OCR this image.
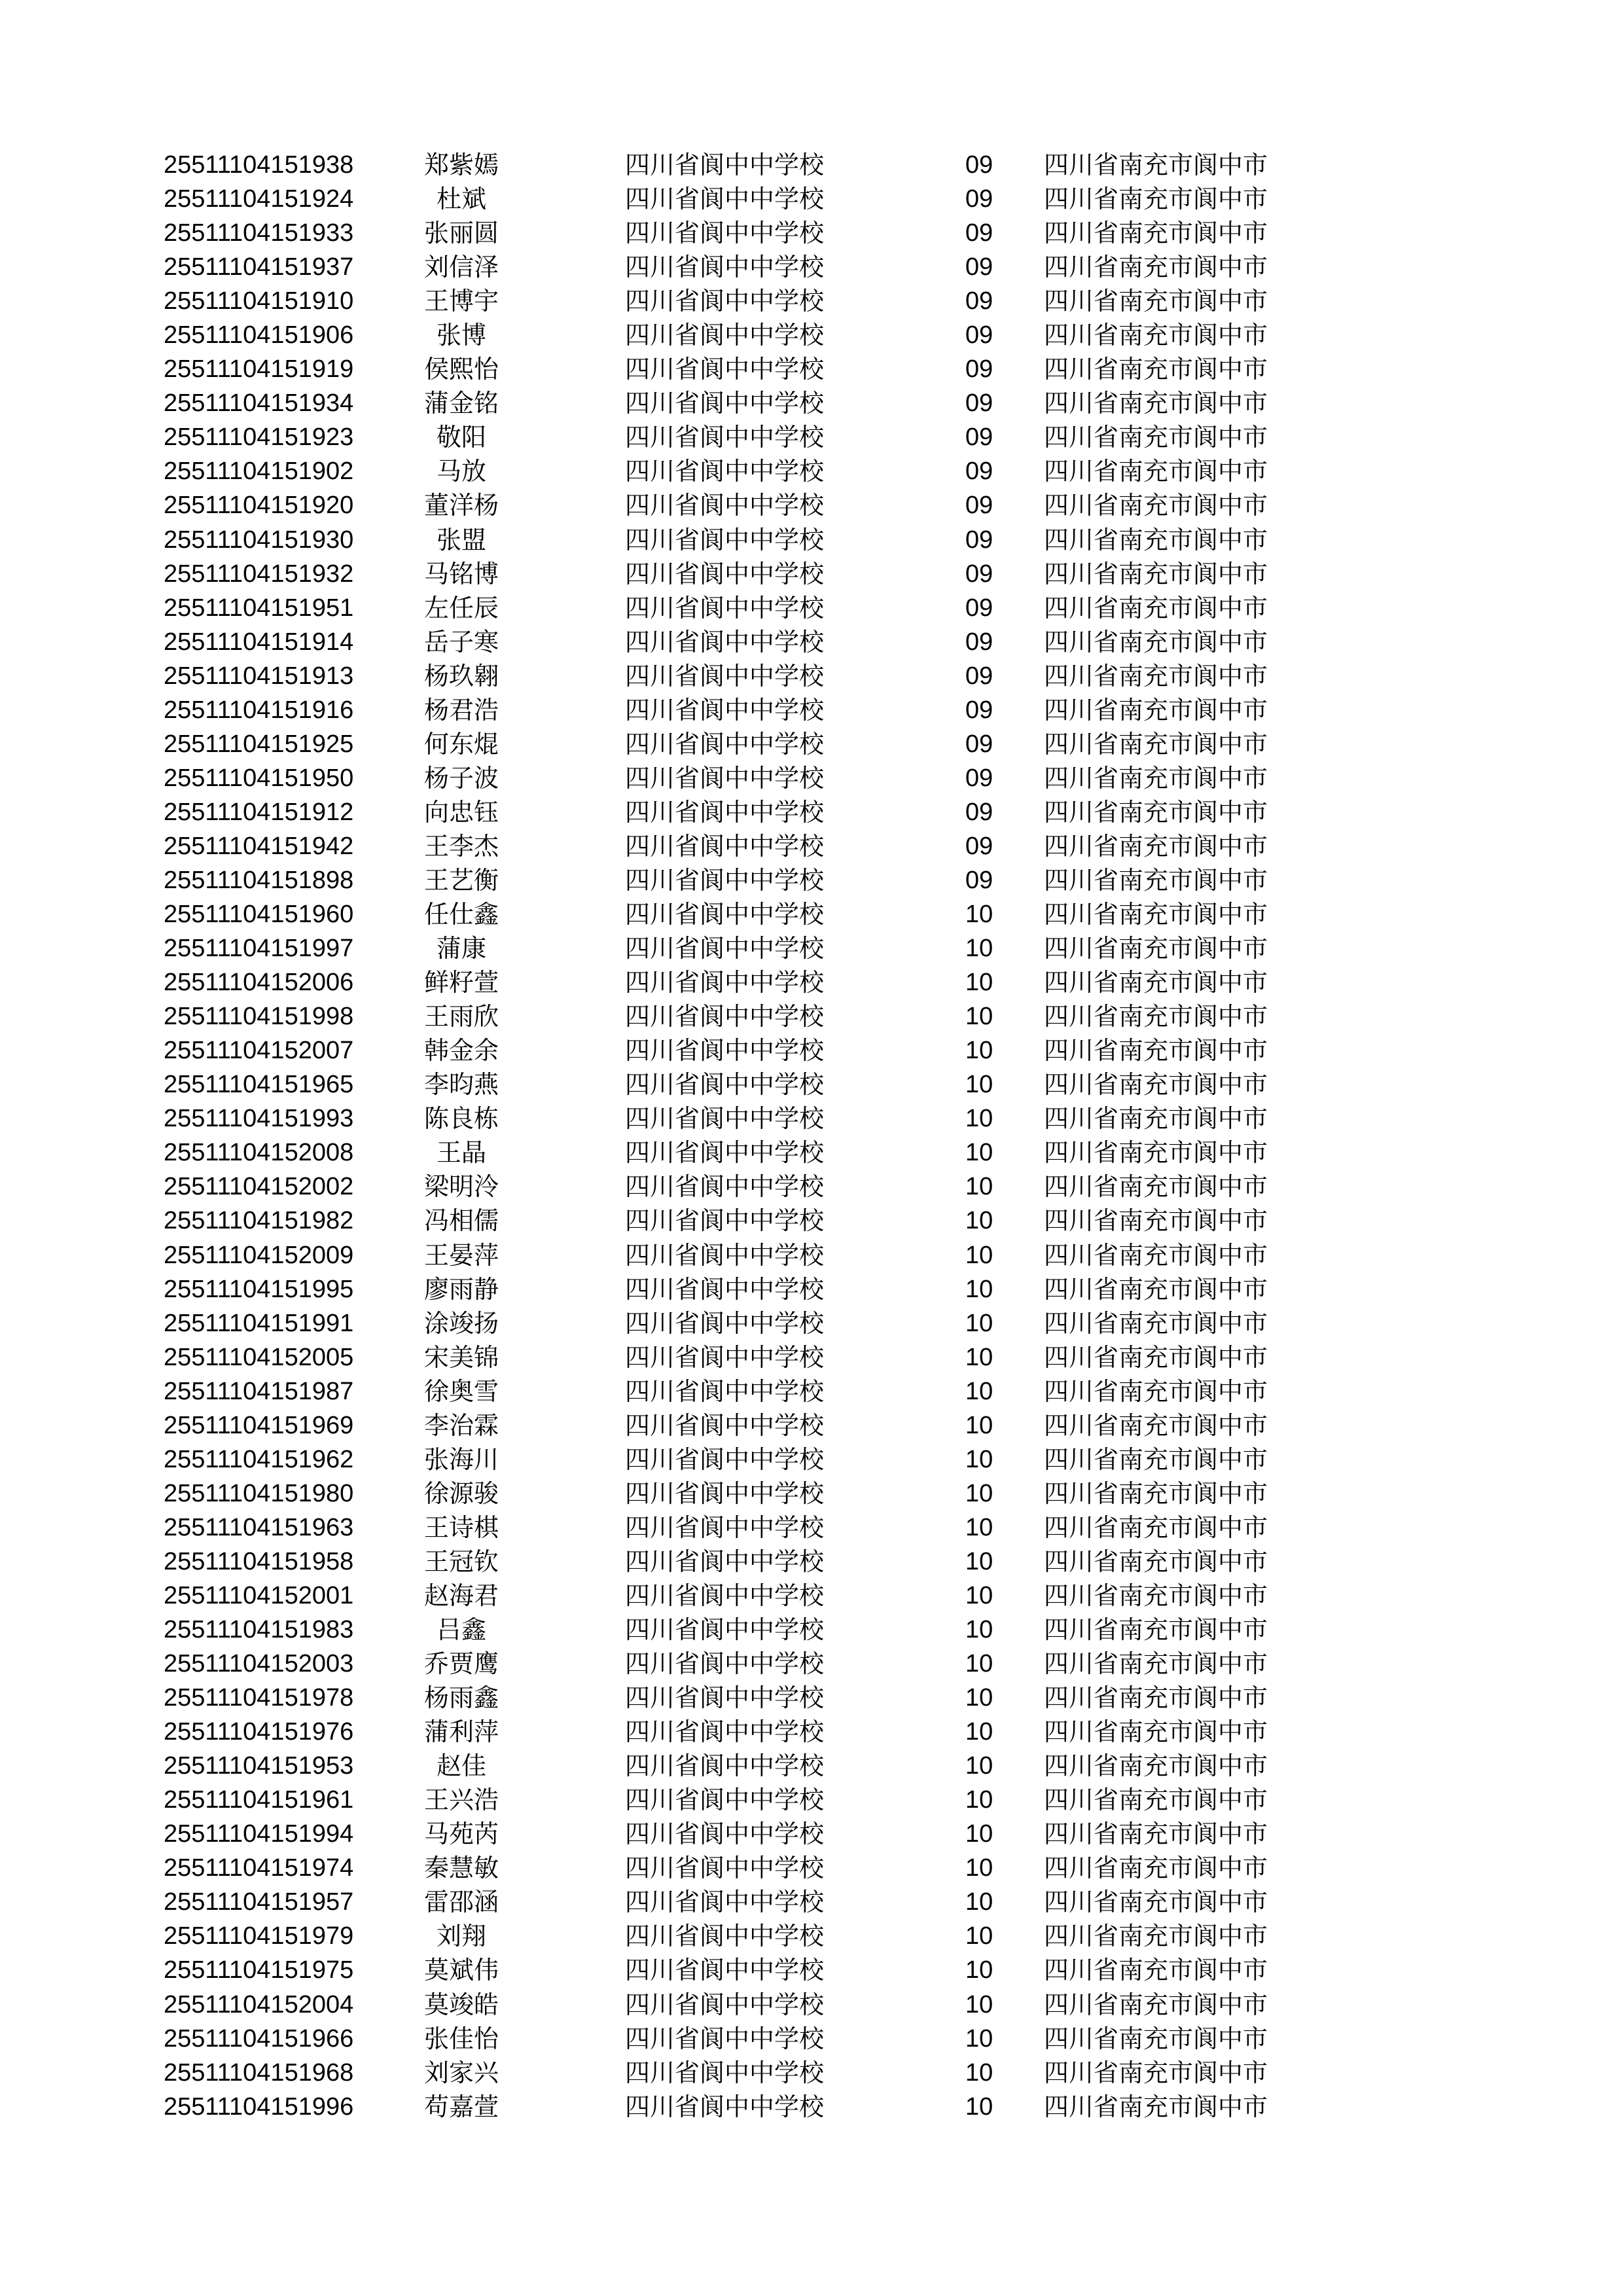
25511104151938	郑紫嫣	四川省阆中中学校	09 四川省南充市阆中市
25511104151924	杜斌	四川省阆中中学校	09 四川省南充市阆中市
25511104151933	张丽圆	四川省阆中中学校	09 四川省南充市阆中市
25511104151937	刘信泽	四川省阆中中学校	09 四川省南充市阆中市
25511104151910	王博宇	四川省阆中中学校	09 四川省南充市阆中市
25511104151906	张博	四川省阆中中学校	09 四川省南充市阆中市
25511104151919	侯熙怡	四川省阆中中学校	09 四川省南充市阆中市
25511104151934	蒲金铭	四川省阆中中学校	09 四川省南充市阆中市
25511104151923	敬阳	四川省阆中中学校	09 四川省南充市阆中市
25511104151902	马放	四川省阆中中学校	09 四川省南充市阆中市
25511104151920	董洋杨	四川省阆中中学校	09 四川省南充市阆中市
25511104151930	张盟	四川省阆中中学校	09 四川省南充市阆中市
25511104151932	马铭博	四川省阆中中学校	09 四川省南充市阆中市
25511104151951	左任辰	四川省阆中中学校	09 四川省南充市阆中市
25511104151914	岳子寒	四川省阆中中学校	09 四川省南充市阆中市
25511104151913	杨玖翱	四川省阆中中学校	09 四川省南充市阆中市
25511104151916	杨君浩	四川省阆中中学校	09 四川省南充市阆中市
25511104151925	何东焜	四川省阆中中学校	09 四川省南充市阆中市
25511104151950	杨子波	四川省阆中中学校	09 四川省南充市阆中市
25511104151912	向忠钰	四川省阆中中学校	09 四川省南充市阆中市
25511104151942	王李杰	四川省阆中中学校	09 四川省南充市阆中市
25511104151898	王艺衡	四川省阆中中学校	09 四川省南充市阆中市
25511104151960	任仕鑫	四川省阆中中学校	10 四川省南充市阆中市
25511104151997	蒲康	四川省阆中中学校	10 四川省南充市阆中市
25511104152006	鲜籽萱	四川省阆中中学校	10 四川省南充市阆中市
25511104151998	王雨欣	四川省阆中中学校	10 四川省南充市阆中市
25511104152007	韩金余	四川省阆中中学校	10 四川省南充市阆中市
25511104151965	李昀燕	四川省阆中中学校	10 四川省南充市阆中市
25511104151993	陈良栋	四川省阆中中学校	10 四川省南充市阆中市
25511104152008	王晶	四川省阆中中学校	10 四川省南充市阆中市
25511104152002	梁明泠	四川省阆中中学校	10 四川省南充市阆中市
25511104151982	冯相儒	四川省阆中中学校	10 四川省南充市阆中市
25511104152009	王晏萍	四川省阆中中学校	10 四川省南充市阆中市
25511104151995	廖雨静	四川省阆中中学校	10 四川省南充市阆中市
25511104151991	涂竣扬	四川省阆中中学校	10 四川省南充市阆中市
25511104152005	宋美锦	四川省阆中中学校	10 四川省南充市阆中市
25511104151987	徐奥雪	四川省阆中中学校	10 四川省南充市阆中市
25511104151969	李治霖	四川省阆中中学校	10 四川省南充市阆中市
25511104151962	张海川	四川省阆中中学校	10 四川省南充市阆中市
25511104151980	徐源骏	四川省阆中中学校	10 四川省南充市阆中市
25511104151963	王诗棋	四川省阆中中学校	10 四川省南充市阆中市
25511104151958	王冠钦	四川省阆中中学校	10 四川省南充市阆中市
25511104152001	赵海君	四川省阆中中学校	10 四川省南充市阆中市
25511104151983	吕鑫	四川省阆中中学校	10 四川省南充市阆中市
25511104152003	乔贾鹰	四川省阆中中学校	10 四川省南充市阆中市
25511104151978	杨雨鑫	四川省阆中中学校	10 四川省南充市阆中市
25511104151976	蒲利萍	四川省阆中中学校	10 四川省南充市阆中市
25511104151953	赵佳	四川省阆中中学校	10 四川省南充市阆中市
25511104151961	王兴浩	四川省阆中中学校	10 四川省南充市阆中市
25511104151994	马苑芮	四川省阆中中学校	10 四川省南充市阆中市
25511104151974	秦慧敏	四川省阆中中学校	10 四川省南充市阆中市
25511104151957	雷邵涵	四川省阆中中学校	10 四川省南充市阆中市
25511104151979	刘翔	四川省阆中中学校	10 四川省南充市阆中市
25511104151975	莫斌伟	四川省阆中中学校	10 四川省南充市阆中市
25511104152004	莫竣皓	四川省阆中中学校	10 四川省南充市阆中市
25511104151966	张佳怡	四川省阆中中学校	10 四川省南充市阆中市
25511104151968	刘家兴	四川省阆中中学校	10 四川省南充市阆中市
25511104151996	苟嘉萱	四川省阆中中学校	10 四川省南充市阆中市
